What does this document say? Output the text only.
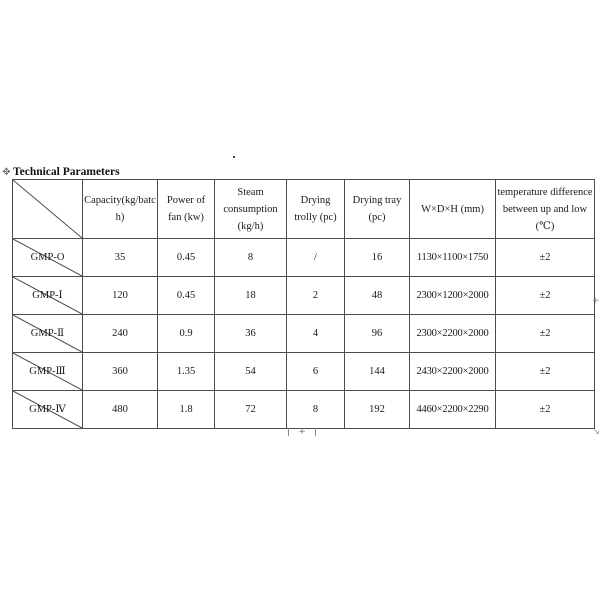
✥ Technical Parameters
	Capacity(kg/batch)	Power of fan (kw)	Steam consumption (kg/h)	Drying trolly (pc)	Drying tray (pc)	W×D×H (mm)	temperature difference between up and low (℃)

GMP-O	35	0.45	8	/	16	1130×1100×1750	±2

GMP-Ⅰ	120	0.45	18	2	48	2300×1200×2000	±2

GMP-Ⅱ	240	0.9	36	4	96	2300×2200×2000	±2

GMP-Ⅲ	360	1.35	54	6	144	2430×2200×2000	±2

GMP-Ⅳ	480	1.8	72	8	192	4460×2200×2290	±2
+
+
↘
